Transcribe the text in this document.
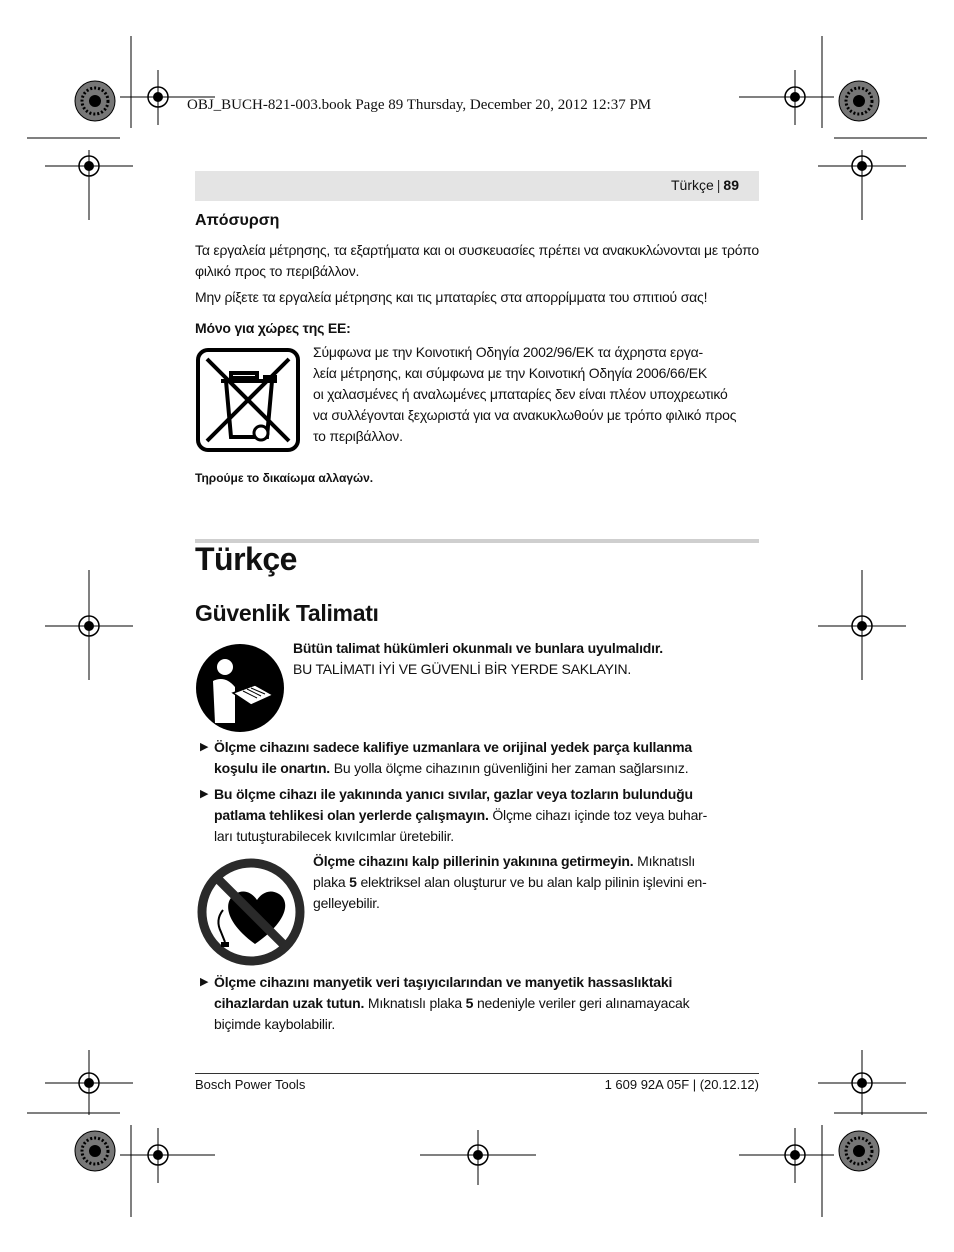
OBJ_BUCH-821-003.book Page 89 Thursday, December 20, 2012 12:37 PM
Türkçe | 89
Απόσυρση

Τα εργαλεία μέτρησης, τα εξαρτήματα και οι συσκευασίες πρέπει να ανακυκλώνονται με τρόπο φιλικό προς το περιβάλλον.

Μην ρίξετε τα εργαλεία μέτρησης και τις μπαταρίες στα απορρίμματα του σπιτιού σας!

Μόνο για χώρες της ΕΕ:

Σύμφωνα με την Κοινοτική Οδηγία 2002/96/ΕΚ τα άχρηστα εργα-

λεία μέτρησης, και σύμφωνα με την Κοινοτική Οδηγία 2006/66/ΕΚ

οι χαλασμένες ή αναλωμένες μπαταρίες δεν είναι πλέον υποχρεωτικό

να συλλέγονται ξεχωριστά για να ανακυκλωθούν με τρόπο φιλικό προς

το περιβάλλον.

Τηρούμε το δικαίωμα αλλαγών.
Türkçe
Güvenlik Talimatı

Bütün talimat hükümleri okunmalı ve bunlara uyulmalıdır.

BU TALİMATI İYİ VE GÜVENLİ BİR YERDE SAKLAYIN.

▶ Ölçme cihazını sadece kalifiye uzmanlara ve orijinal yedek parça kullanma
koşulu ile onartın. Bu yolla ölçme cihazının güvenliğini her zaman sağlarsınız.
▶ Bu ölçme cihazı ile yakınında yanıcı sıvılar, gazlar veya tozların bulunduğu
patlama tehlikesi olan yerlerde çalışmayın. Ölçme cihazı içinde toz veya buhar-
ları tutuşturabilecek kıvılcımlar üretebilir.
Ölçme cihazını kalp pillerinin yakınına getirmeyin. Mıknatıslı
plaka 5 elektriksel alan oluşturur ve bu alan kalp pilinin işlevini en-
gelleyebilir.
▶ Ölçme cihazını manyetik veri taşıyıcılarından ve manyetik hassaslıktaki
cihazlardan uzak tutun. Mıknatıslı plaka 5 nedeniyle veriler geri alınamayacak
biçimde kaybolabilir.
Bosch Power Tools	1 609 92A 05F | (20.12.12)
